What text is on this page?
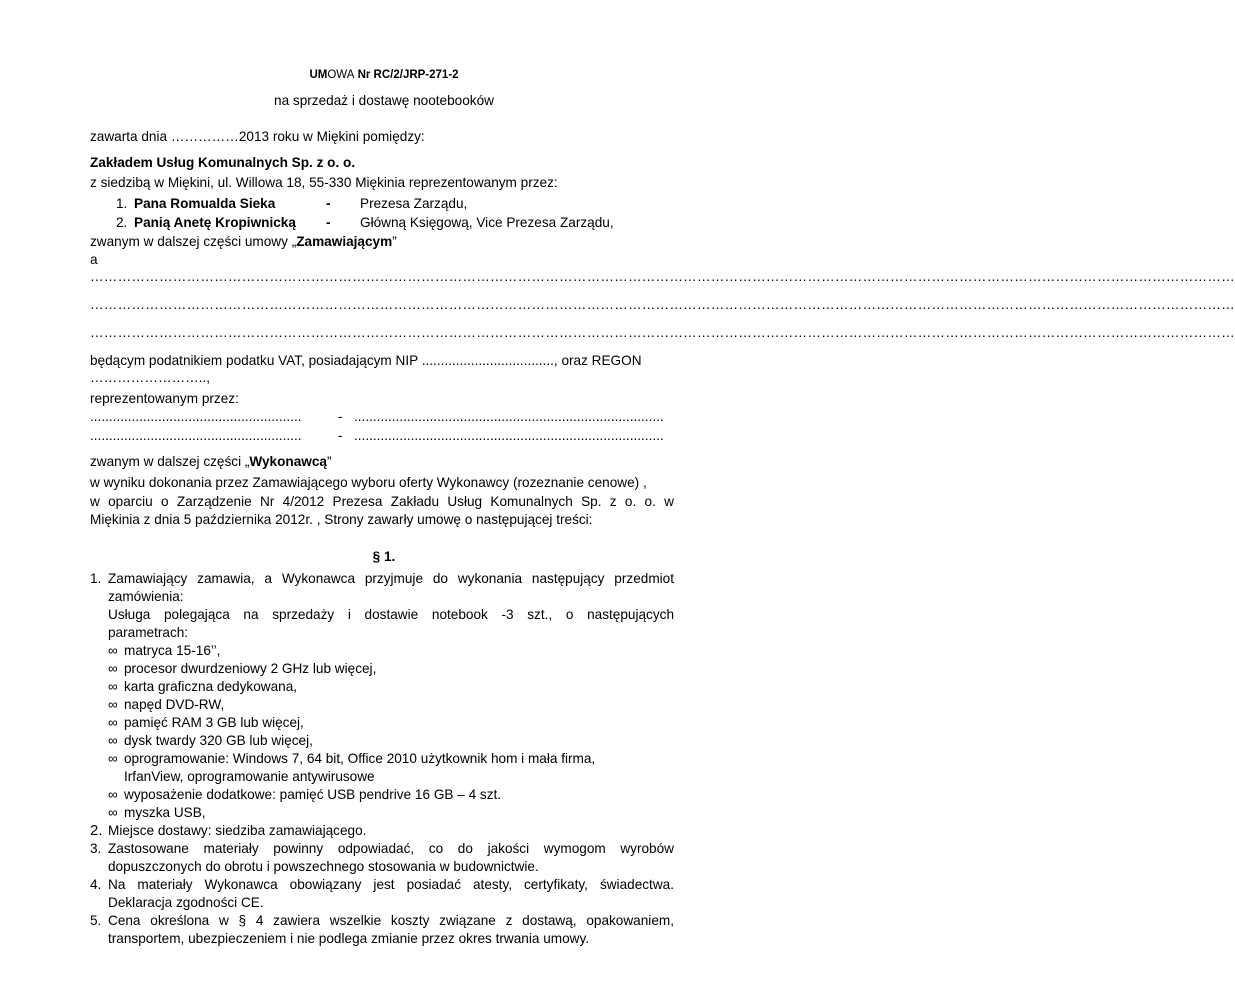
UMOWA Nr RC/2/JRP-271-2
na sprzedaż i dostawę nootebooków
zawarta dnia ……………2013 roku w Miękini pomiędzy:
Zakładem Usług Komunalnych Sp. z o. o.
z siedzibą w Miękini, ul. Willowa 18, 55-330 Miękinia reprezentowanym przez:
1. Pana Romualda Sieka	- Prezesa Zarządu,
2. Panią Anetę Kropiwnicką - Główną Księgową, Vice Prezesa Zarządu,
zwanym w dalszej części umowy „Zamawiającym”
a
……………………………………………………………………………………………………………………………………………………………………………………………………………………………
……………………………………………………………………………………………………………………………………………………………………………………………………………………………
……………………………………………………………………………………………………………………………………………………………………………………………………………………………
będącym podatnikiem podatku VAT, posiadającym NIP ..................................., oraz REGON
……………………..,
reprezentowanym przez:
........................................................	- ..................................................................................
........................................................	- ..................................................................................
zwanym w dalszej części „Wykonawcą”
w wyniku dokonania przez Zamawiającego wyboru oferty Wykonawcy (rozeznanie cenowe) ,
w oparciu o Zarządzenie Nr 4/2012 Prezesa Zakładu Usług Komunalnych Sp. z o. o. w
Miękinia z dnia 5 października 2012r. , Strony zawarły umowę o następującej treści:
§ 1.
1. Zamawiający zamawia, a Wykonawca przyjmuje do wykonania następujący przedmiot
zamówienia:
Usługa polegająca na sprzedaży i dostawie notebook -3 szt., o następujących
parametrach:
∞ matryca 15-16’’,
∞ procesor dwurdzeniowy 2 GHz lub więcej,
∞ karta graficzna dedykowana,
∞ napęd DVD-RW,
∞ pamięć RAM 3 GB lub więcej,
∞ dysk twardy 320 GB lub więcej,
∞ oprogramowanie: Windows 7, 64 bit, Office 2010 użytkownik hom i mała firma,
IrfanView, oprogramowanie antywirusowe
∞ wyposażenie dodatkowe: pamięć USB pendrive 16 GB – 4 szt.
∞ myszka USB,
2. Miejsce dostawy: siedziba zamawiającego.
3. Zastosowane materiały powinny odpowiadać, co do jakości wymogom wyrobów
dopuszczonych do obrotu i powszechnego stosowania w budownictwie.
4. Na materiały Wykonawca obowiązany jest posiadać atesty, certyfikaty, świadectwa.
Deklaracja zgodności CE.
5. Cena określona w § 4 zawiera wszelkie koszty związane z dostawą, opakowaniem,
transportem, ubezpieczeniem i nie podlega zmianie przez okres trwania umowy.
